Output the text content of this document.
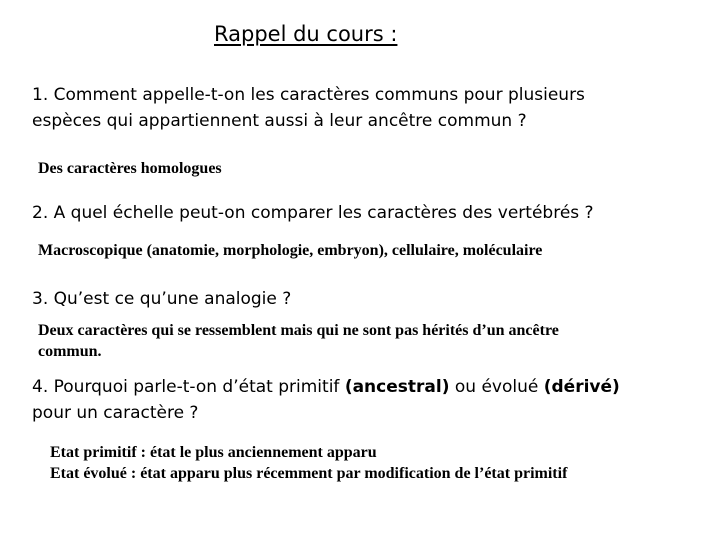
Rappel du cours :
1. Comment appelle-t-on les caractères communs pour plusieurs
espèces qui appartiennent aussi à leur ancêtre commun ?

Des caractères homologues

2. A quel échelle peut-on comparer les caractères des vertébrés ?

Macroscopique (anatomie, morphologie, embryon), cellulaire, moléculaire

3. Qu’est ce qu’une analogie ?
Deux caractères qui se ressemblent mais qui ne sont pas hérités d’un ancêtre
commun.
4. Pourquoi parle-t-on d’état primitif (ancestral) ou évolué (dérivé)
pour un caractère ?
Etat primitif : état le plus anciennement apparu
Etat évolué : état apparu plus récemment par modification de l’état primitif
